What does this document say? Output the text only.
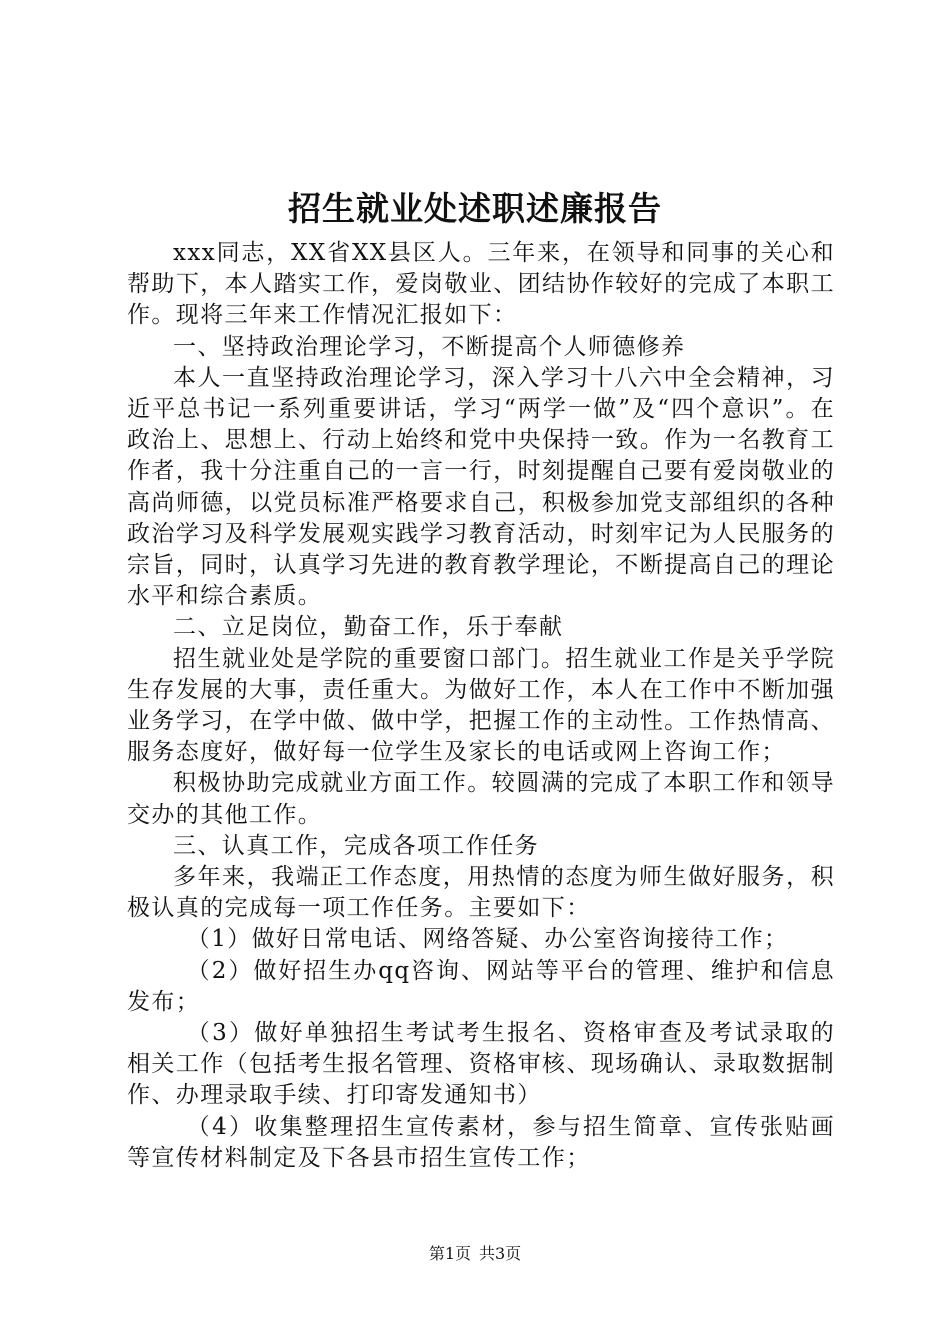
招生就业处述职述廉报告

xxx同志，XX省XX县区人。三年来，在领导和同事的关心和帮助下，本人踏实工作，爱岗敬业、团结协作较好的完成了本职工作。现将三年来工作情况汇报如下：

一、坚持政治理论学习，不断提高个人师德修养

本人一直坚持政治理论学习，深入学习十八六中全会精神，习近平总书记一系列重要讲话，学习“两学一做”及“四个意识”。在政治上、思想上、行动上始终和党中央保持一致。作为一名教育工作者，我十分注重自己的一言一行，时刻提醒自己要有爱岗敬业的高尚师德，以党员标准严格要求自己，积极参加党支部组织的各种政治学习及科学发展观实践学习教育活动，时刻牢记为人民服务的宗旨，同时，认真学习先进的教育教学理论，不断提高自己的理论水平和综合素质。

二、立足岗位，勤奋工作，乐于奉献

招生就业处是学院的重要窗口部门。招生就业工作是关乎学院生存发展的大事，责任重大。为做好工作，本人在工作中不断加强业务学习，在学中做、做中学，把握工作的主动性。工作热情高、服务态度好，做好每一位学生及家长的电话或网上咨询工作；

积极协助完成就业方面工作。较圆满的完成了本职工作和领导交办的其他工作。

三、认真工作，完成各项工作任务

多年来，我端正工作态度，用热情的态度为师生做好服务，积极认真的完成每一项工作任务。主要如下：

（1）做好日常电话、网络答疑、办公室咨询接待工作；

（2）做好招生办qq咨询、网站等平台的管理、维护和信息发布；

（3）做好单独招生考试考生报名、资格审查及考试录取的相关工作（包括考生报名管理、资格审核、现场确认、录取数据制作、办理录取手续、打印寄发通知书）

（4）收集整理招生宣传素材，参与招生简章、宣传张贴画等宣传材料制定及下各县市招生宣传工作；

第1页 共3页
